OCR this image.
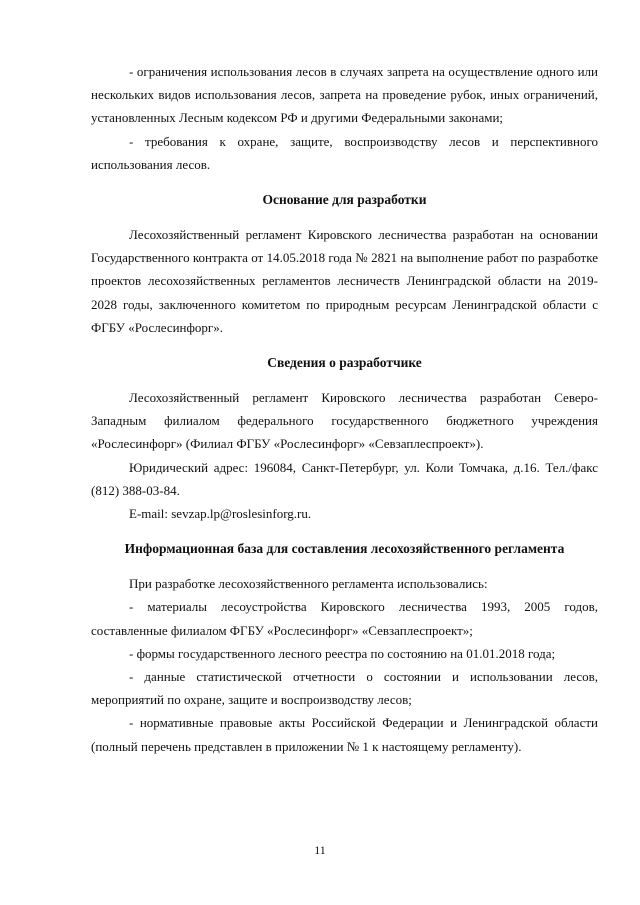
- ограничения использования лесов в случаях запрета на осуществление одного или нескольких видов использования лесов, запрета на проведение рубок, иных ограничений, установленных Лесным кодексом РФ и другими Федеральными законами;

- требования к охране, защите, воспроизводству лесов и перспективного использования лесов.

Основание для разработки

Лесохозяйственный регламент Кировского лесничества разработан на основании Государственного контракта от 14.05.2018 года № 2821 на выполнение работ по разработке проектов лесохозяйственных регламентов лесничеств Ленинградской области на 2019-2028 годы, заключенного комитетом по природным ресурсам Ленинградской области с ФГБУ «Рослесинфорг».

Сведения о разработчике

Лесохозяйственный регламент Кировского лесничества разработан Северо-Западным филиалом федерального государственного бюджетного учреждения «Рослесинфорг» (Филиал ФГБУ «Рослесинфорг» «Севзаплеспроект»).

Юридический адрес: 196084, Санкт-Петербург, ул. Коли Томчака, д.16. Тел./факс (812) 388-03-84.

E-mail: sevzap.lp@roslesinforg.ru.

Информационная база для составления лесохозяйственного регламента

При разработке лесохозяйственного регламента использовались:

- материалы лесоустройства Кировского лесничества 1993, 2005 годов, составленные филиалом ФГБУ «Рослесинфорг» «Севзаплеспроект»;

- формы государственного лесного реестра по состоянию на 01.01.2018 года;

- данные статистической отчетности о состоянии и использовании лесов, мероприятий по охране, защите и воспроизводству лесов;

- нормативные правовые акты Российской Федерации и Ленинградской области (полный перечень представлен в приложении № 1 к настоящему регламенту).

11
